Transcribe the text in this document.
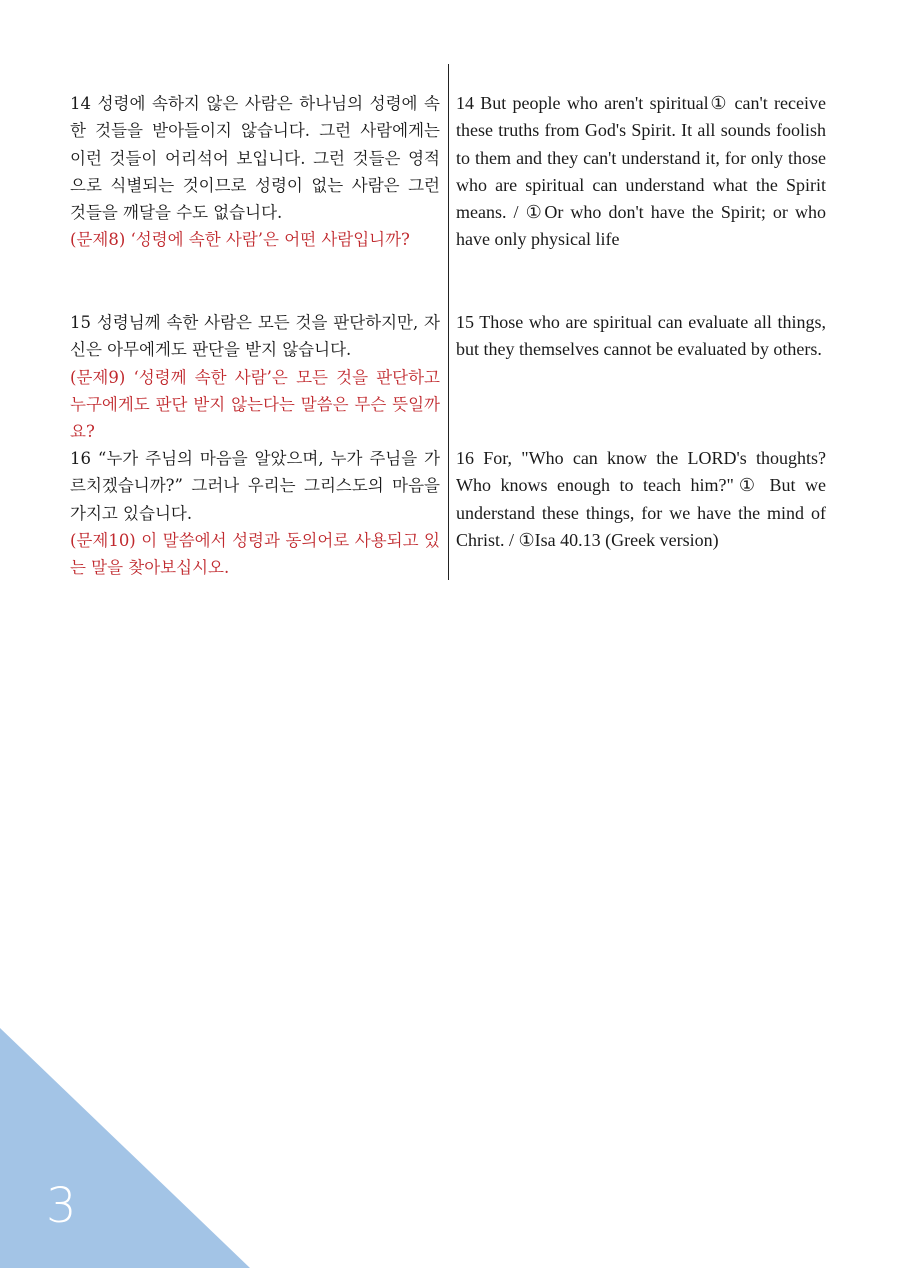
14 성령에 속하지 않은 사람은 하나님의 성령에 속한 것들을 받아들이지 않습니다. 그런 사람에게는 이런 것들이 어리석어 보입니다. 그런 것들은 영적으로 식별되는 것이므로 성령이 없는 사람은 그런 것들을 깨달을 수도 없습니다.
(문제8) ‘성령에 속한 사람’은 어떤 사람입니까?
14 But people who aren't spiritual① can't receive these truths from God's Spirit. It all sounds foolish to them and they can't understand it, for only those who are spiritual can understand what the Spirit means. / ①Or who don't have the Spirit; or who have only physical life
15 성령님께 속한 사람은 모든 것을 판단하지만, 자신은 아무에게도 판단을 받지 않습니다.
(문제9) ‘성령께 속한 사람’은 모든 것을 판단하고 누구에게도 판단 받지 않는다는 말씀은 무슨 뜻일까요?
15 Those who are spiritual can evaluate all things, but they themselves cannot be evaluated by others.
16 “누가 주님의 마음을 알았으며, 누가 주님을 가르치겠습니까?” 그러나 우리는 그리스도의 마음을 가지고 있습니다.
(문제10) 이 말씀에서 성령과 동의어로 사용되고 있는 말을 찾아보십시오.
16 For, "Who can know the LORD's thoughts? Who knows enough to teach him?"① But we understand these things, for we have the mind of Christ. / ①Isa 40.13 (Greek version)
3
